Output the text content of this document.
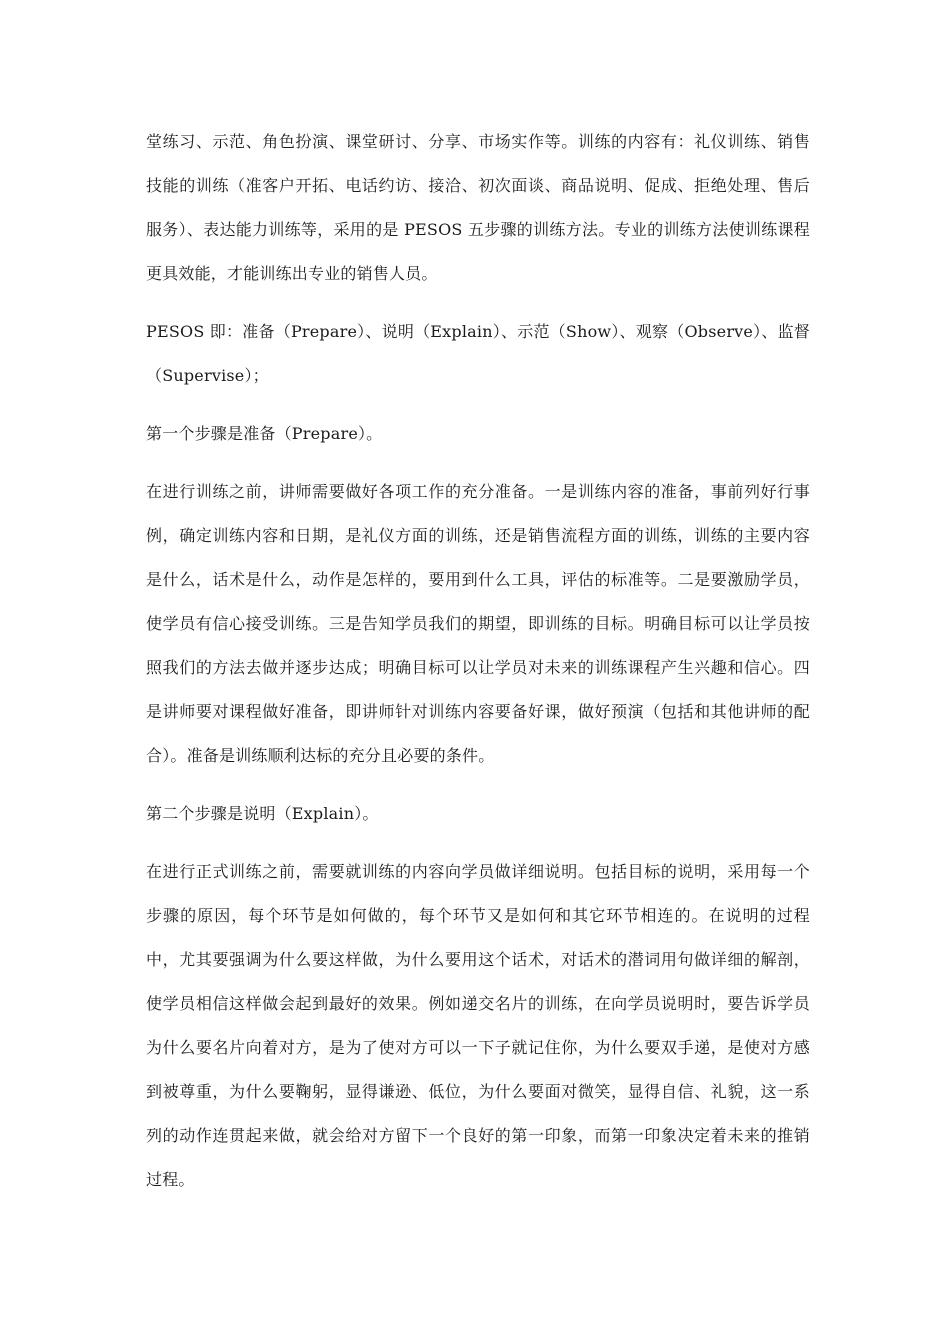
堂练习、示范、角色扮演、课堂研讨、分享、市场实作等。训练的内容有：礼仪训练、销售技能的训练（准客户开拓、电话约访、接洽、初次面谈、商品说明、促成、拒绝处理、售后服务）、表达能力训练等，采用的是 PESOS 五步骤的训练方法。专业的训练方法使训练课程更具效能，才能训练出专业的销售人员。

PESOS 即：准备（Prepare）、说明（Explain）、示范（Show）、观察（Observe）、监督（Supervise）；

第一个步骤是准备（Prepare）。

在进行训练之前，讲师需要做好各项工作的充分准备。一是训练内容的准备，事前列好行事例，确定训练内容和日期，是礼仪方面的训练，还是销售流程方面的训练，训练的主要内容是什么，话术是什么，动作是怎样的，要用到什么工具，评估的标准等。二是要激励学员，使学员有信心接受训练。三是告知学员我们的期望，即训练的目标。明确目标可以让学员按照我们的方法去做并逐步达成；明确目标可以让学员对未来的训练课程产生兴趣和信心。四是讲师要对课程做好准备，即讲师针对训练内容要备好课，做好预演（包括和其他讲师的配合）。准备是训练顺利达标的充分且必要的条件。

第二个步骤是说明（Explain）。

在进行正式训练之前，需要就训练的内容向学员做详细说明。包括目标的说明，采用每一个步骤的原因，每个环节是如何做的，每个环节又是如何和其它环节相连的。在说明的过程中，尤其要强调为什么要这样做，为什么要用这个话术，对话术的潜词用句做详细的解剖，使学员相信这样做会起到最好的效果。例如递交名片的训练，在向学员说明时，要告诉学员为什么要名片向着对方，是为了使对方可以一下子就记住你，为什么要双手递，是使对方感到被尊重，为什么要鞠躬，显得谦逊、低位，为什么要面对微笑，显得自信、礼貌，这一系列的动作连贯起来做，就会给对方留下一个良好的第一印象，而第一印象决定着未来的推销过程。
